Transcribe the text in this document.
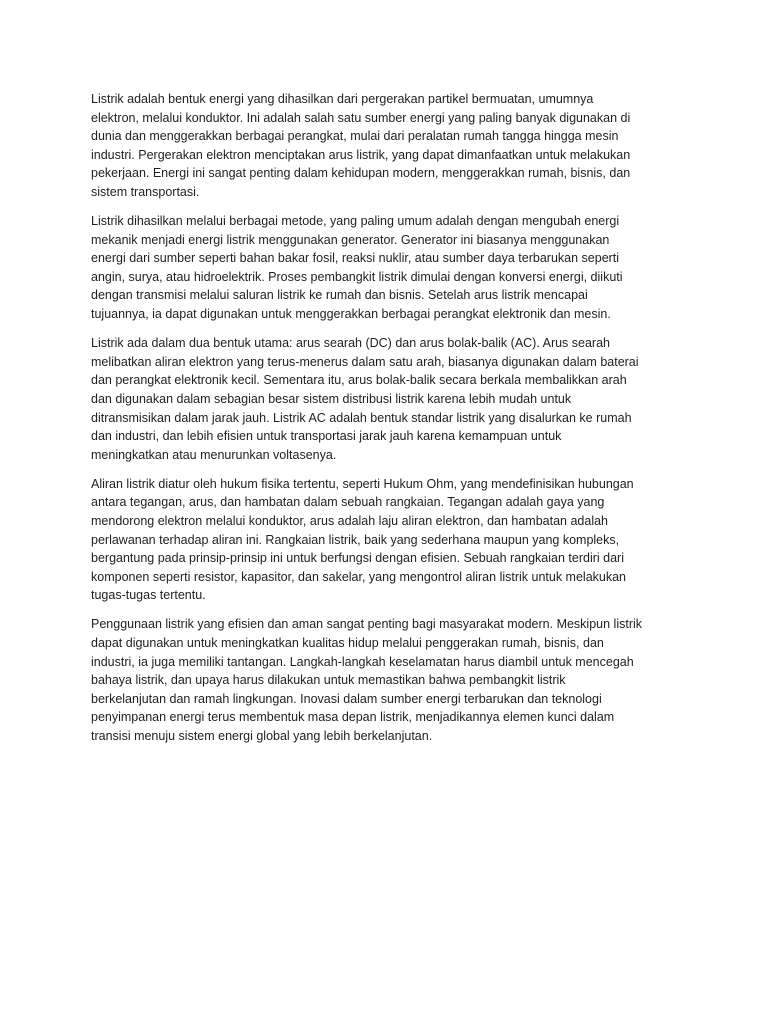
Listrik adalah bentuk energi yang dihasilkan dari pergerakan partikel bermuatan, umumnya
elektron, melalui konduktor. Ini adalah salah satu sumber energi yang paling banyak digunakan di
dunia dan menggerakkan berbagai perangkat, mulai dari peralatan rumah tangga hingga mesin
industri. Pergerakan elektron menciptakan arus listrik, yang dapat dimanfaatkan untuk melakukan
pekerjaan. Energi ini sangat penting dalam kehidupan modern, menggerakkan rumah, bisnis, dan
sistem transportasi.

Listrik dihasilkan melalui berbagai metode, yang paling umum adalah dengan mengubah energi
mekanik menjadi energi listrik menggunakan generator. Generator ini biasanya menggunakan
energi dari sumber seperti bahan bakar fosil, reaksi nuklir, atau sumber daya terbarukan seperti
angin, surya, atau hidroelektrik. Proses pembangkit listrik dimulai dengan konversi energi, diikuti
dengan transmisi melalui saluran listrik ke rumah dan bisnis. Setelah arus listrik mencapai
tujuannya, ia dapat digunakan untuk menggerakkan berbagai perangkat elektronik dan mesin.

Listrik ada dalam dua bentuk utama: arus searah (DC) dan arus bolak-balik (AC). Arus searah
melibatkan aliran elektron yang terus-menerus dalam satu arah, biasanya digunakan dalam baterai
dan perangkat elektronik kecil. Sementara itu, arus bolak-balik secara berkala membalikkan arah
dan digunakan dalam sebagian besar sistem distribusi listrik karena lebih mudah untuk
ditransmisikan dalam jarak jauh. Listrik AC adalah bentuk standar listrik yang disalurkan ke rumah
dan industri, dan lebih efisien untuk transportasi jarak jauh karena kemampuan untuk
meningkatkan atau menurunkan voltasenya.

Aliran listrik diatur oleh hukum fisika tertentu, seperti Hukum Ohm, yang mendefinisikan hubungan
antara tegangan, arus, dan hambatan dalam sebuah rangkaian. Tegangan adalah gaya yang
mendorong elektron melalui konduktor, arus adalah laju aliran elektron, dan hambatan adalah
perlawanan terhadap aliran ini. Rangkaian listrik, baik yang sederhana maupun yang kompleks,
bergantung pada prinsip-prinsip ini untuk berfungsi dengan efisien. Sebuah rangkaian terdiri dari
komponen seperti resistor, kapasitor, dan sakelar, yang mengontrol aliran listrik untuk melakukan
tugas-tugas tertentu.

Penggunaan listrik yang efisien dan aman sangat penting bagi masyarakat modern. Meskipun listrik
dapat digunakan untuk meningkatkan kualitas hidup melalui penggerakan rumah, bisnis, dan
industri, ia juga memiliki tantangan. Langkah-langkah keselamatan harus diambil untuk mencegah
bahaya listrik, dan upaya harus dilakukan untuk memastikan bahwa pembangkit listrik
berkelanjutan dan ramah lingkungan. Inovasi dalam sumber energi terbarukan dan teknologi
penyimpanan energi terus membentuk masa depan listrik, menjadikannya elemen kunci dalam
transisi menuju sistem energi global yang lebih berkelanjutan.
